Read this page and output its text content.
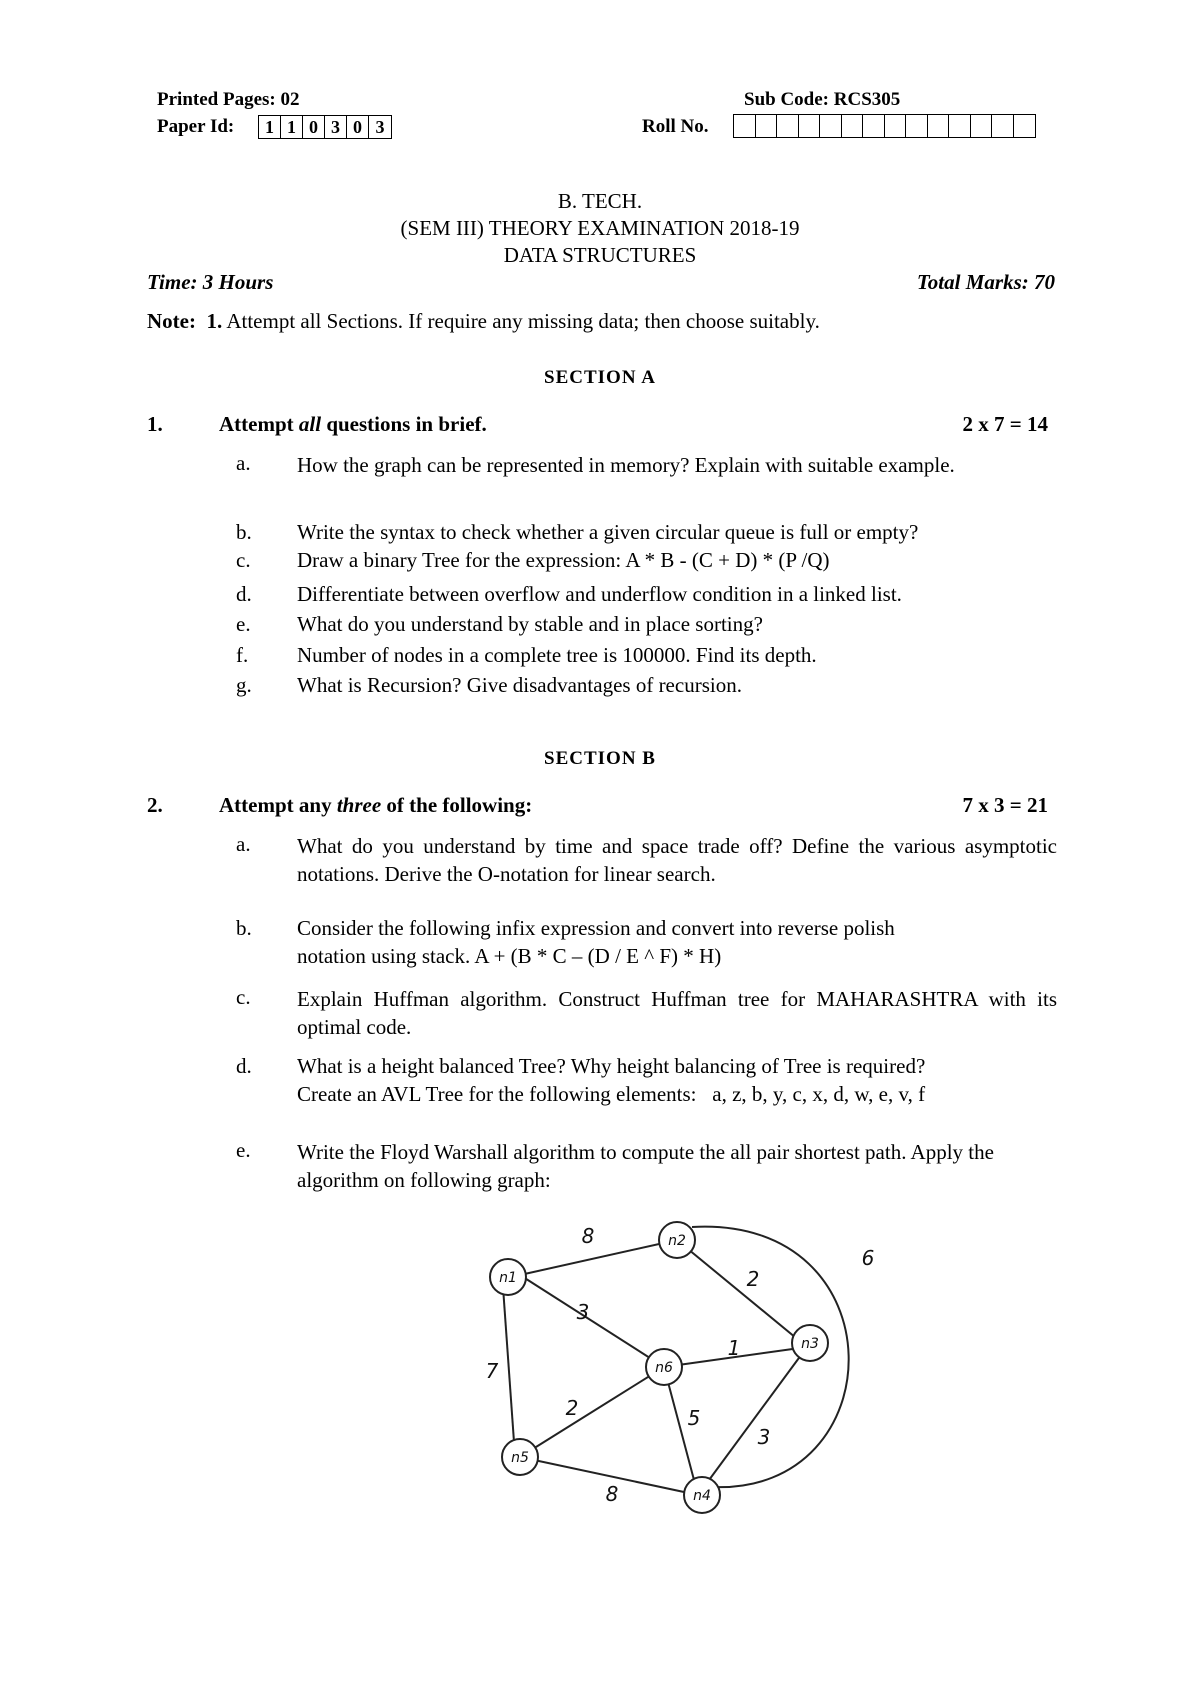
Printed Pages: 02	Sub Code: RCS305
Paper Id:	1 1 0 3 0 3	Roll No.
B. TECH.
(SEM III) THEORY EXAMINATION 2018-19
DATA STRUCTURES
Time: 3 Hours	Total Marks: 70
Note: 1. Attempt all Sections. If require any missing data; then choose suitably.
SECTION A
1.	Attempt all questions in brief.	2 x 7 = 14
a. How the graph can be represented in memory? Explain with suitable example.
b. Write the syntax to check whether a given circular queue is full or empty?
c. Draw a binary Tree for the expression: A * B - (C + D) * (P /Q)
d. Differentiate between overflow and underflow condition in a linked list.
e. What do you understand by stable and in place sorting?
f. Number of nodes in a complete tree is 100000. Find its depth.
g. What is Recursion? Give disadvantages of recursion.
SECTION B
2.	Attempt any three of the following:	7 x 3 = 21
a. What do you understand by time and space trade off? Define the various asymptotic notations. Derive the O-notation for linear search.
b. Consider the following infix expression and convert into reverse polish
notation using stack. A + (B * C – (D / E ^ F) * H)
c. Explain Huffman algorithm. Construct Huffman tree for MAHARASHTRA with its optimal code.
d. What is a height balanced Tree? Why height balancing of Tree is required?
Create an AVL Tree for the following elements:   a, z, b, y, c, x, d, w, e, v, f
e. Write the Floyd Warshall algorithm to compute the all pair shortest path. Apply the algorithm on following graph:
n1
n2
n3
n4
n5
n6
8
3
7
2
6
1
2	5
3
8
